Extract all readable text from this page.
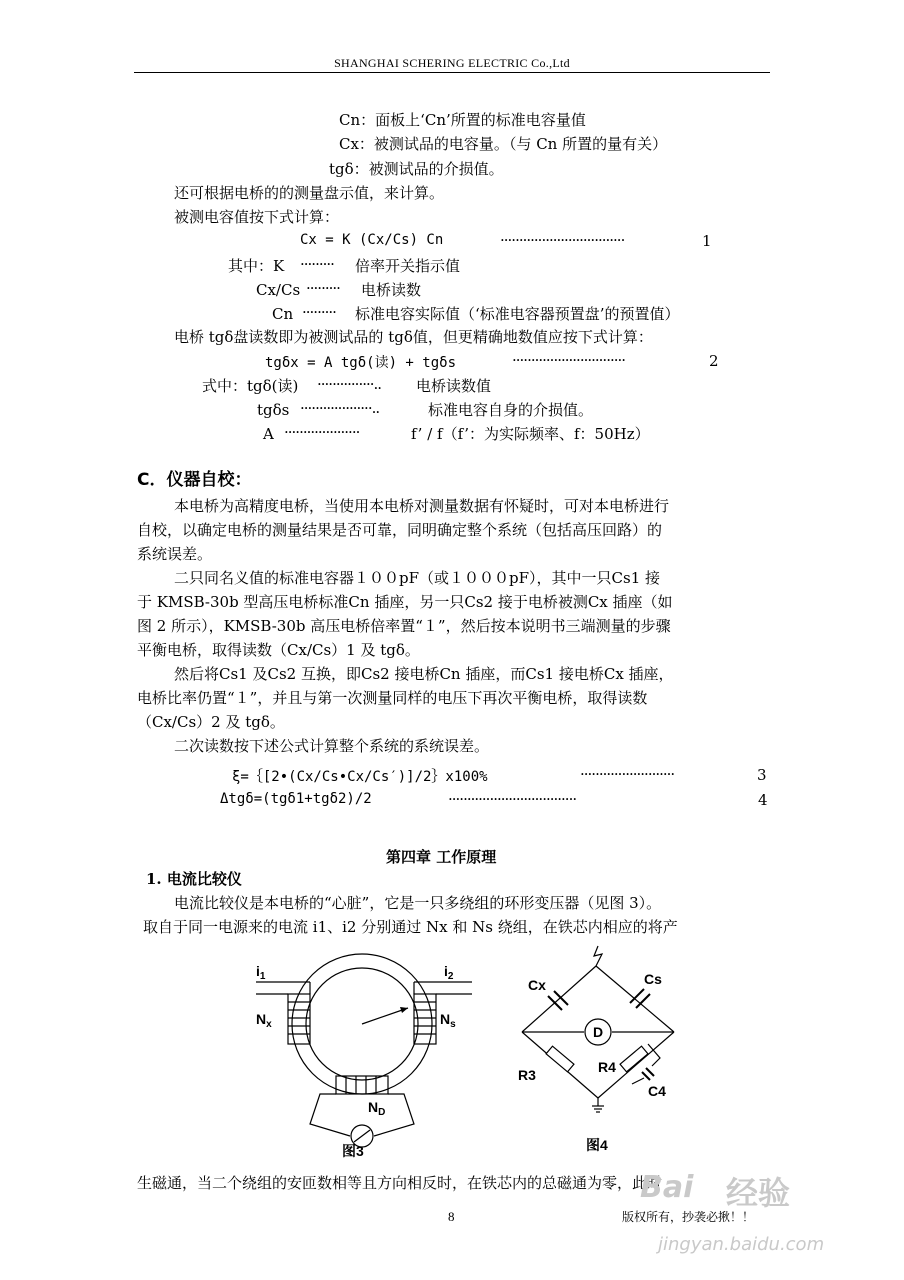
SHANGHAI SCHERING ELECTRIC Co.,Ltd
Cn：面板上‘Cn’所置的标准电容量值
Cx：被测试品的电容量。（与 Cn 所置的量有关）
tgδ：被测试品的介损值。
还可根据电桥的的测量盘示值，来计算。
被测电容值按下式计算：
Cx = K (Cx/Cs) Cn	·································	1
其中：K ········· 倍率开关指示值
Cx/Cs ········· 电桥读数
Cn ········· 标准电容实际值（‘标准电容器预置盘’的预置值）
电桥 tgδ盘读数即为被测试品的 tgδ值，但更精确地数值应按下式计算：
tgδx = A tgδ(读) + tgδs	······························	2
式中：tgδ(读) ···············.. 电桥读数值
tgδs ···················..	标准电容自身的介损值。
A ····················	f’ / f（f’：为实际频率、f：50Hz）
C．仪器自校：
本电桥为高精度电桥，当使用本电桥对测量数据有怀疑时，可对本电桥进行
自校，以确定电桥的测量结果是否可靠，同明确定整个系统（包括高压回路）的
系统误差。
二只同名义值的标准电容器１００pF（或１０００pF），其中一只Cs1 接
于 KMSB-30b 型高压电桥标准Cn 插座，另一只Cs2 接于电桥被测Cx 插座（如
图 2 所示），KMSB-30b 高压电桥倍率置“１”，然后按本说明书三端测量的步骤
平衡电桥，取得读数（Cx/Cs）1 及 tgδ。
然后将Cs1 及Cs2 互换，即Cs2 接电桥Cn 插座，而Cs1 接电桥Cx 插座，
电桥比率仍置“１”，并且与第一次测量同样的电压下再次平衡电桥，取得读数
（Cx/Cs）2 及 tgδ。
二次读数按下述公式计算整个系统的系统误差。
ξ=｛[2•(Cx/Cs•Cx/Cs′)]/2｝x100%	·························	3
Δtgδ=(tgδ1+tgδ2)/2	··································	4
第四章 工作原理
1. 电流比较仪
电流比较仪是本电桥的“心脏”，它是一只多绕组的环形变压器（见图 3）。
取自于同一电源来的电流 i1、i2 分别通过 Nx 和 Ns 绕组，在铁芯内相应的将产
$i_1$	$i_2$
$N_x$	$N_s$
$N_D$
图3
Cx	Cs
D
R3	R4
C4
图4
生磁通，当二个绕组的安匝数相等且方向相反时，在铁芯内的总磁通为零，此时
8	版权所有，抄袭必揪！！
Bai 经验
jingyan.baidu.com
